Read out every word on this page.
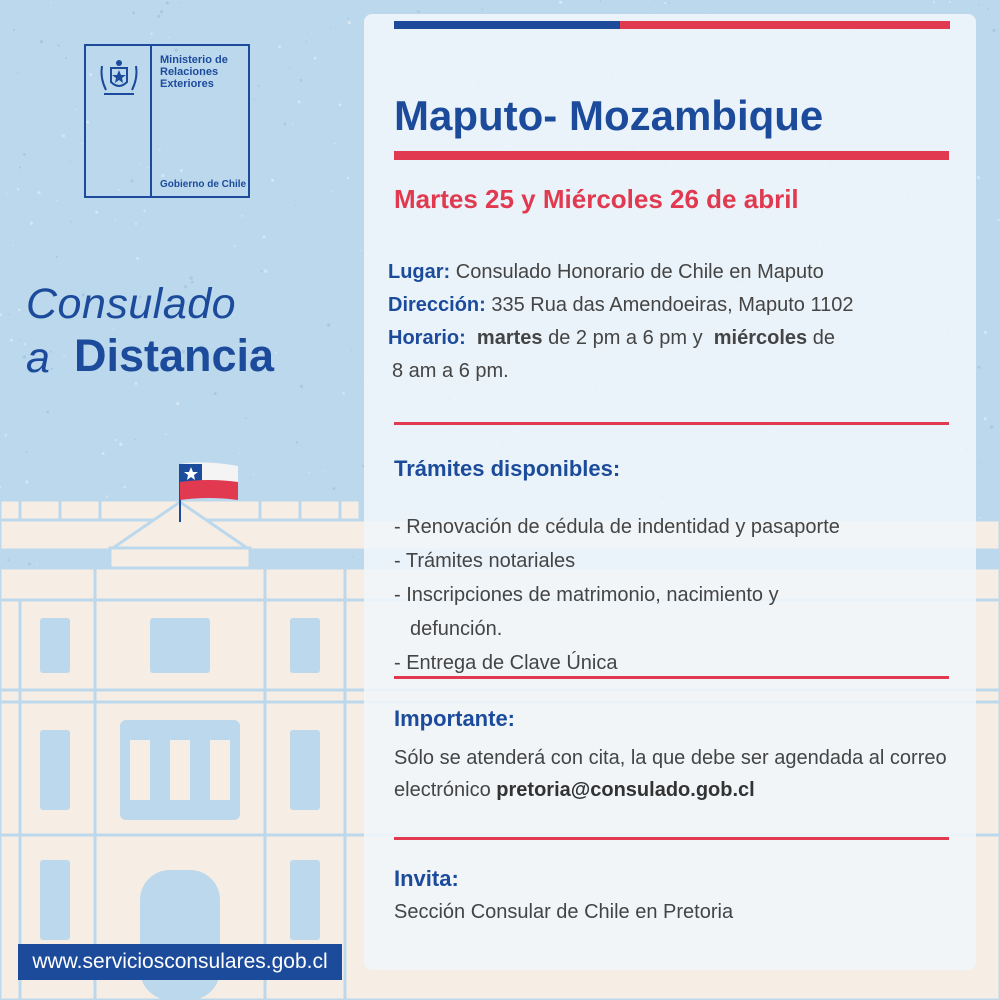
Ministerio de Relaciones Exteriores
Gobierno de Chile
Consulado
a Distancia
www.serviciosconsulares.gob.cl
Maputo- Mozambique
Martes 25 y Miércoles 26 de abril
Lugar: Consulado Honorario de Chile en Maputo
Dirección: 335 Rua das Amendoeiras, Maputo 1102
Horario: martes de 2 pm a 6 pm y miércoles de
8 am a 6 pm.
Trámites disponibles:
- Renovación de cédula de indentidad y pasaporte
- Trámites notariales
- Inscripciones de matrimonio, nacimiento y
defunción.
- Entrega de Clave Única
Importante:
Sólo se atenderá con cita, la que debe ser agendada al correo electrónico pretoria@consulado.gob.cl
Invita:
Sección Consular de Chile en Pretoria
